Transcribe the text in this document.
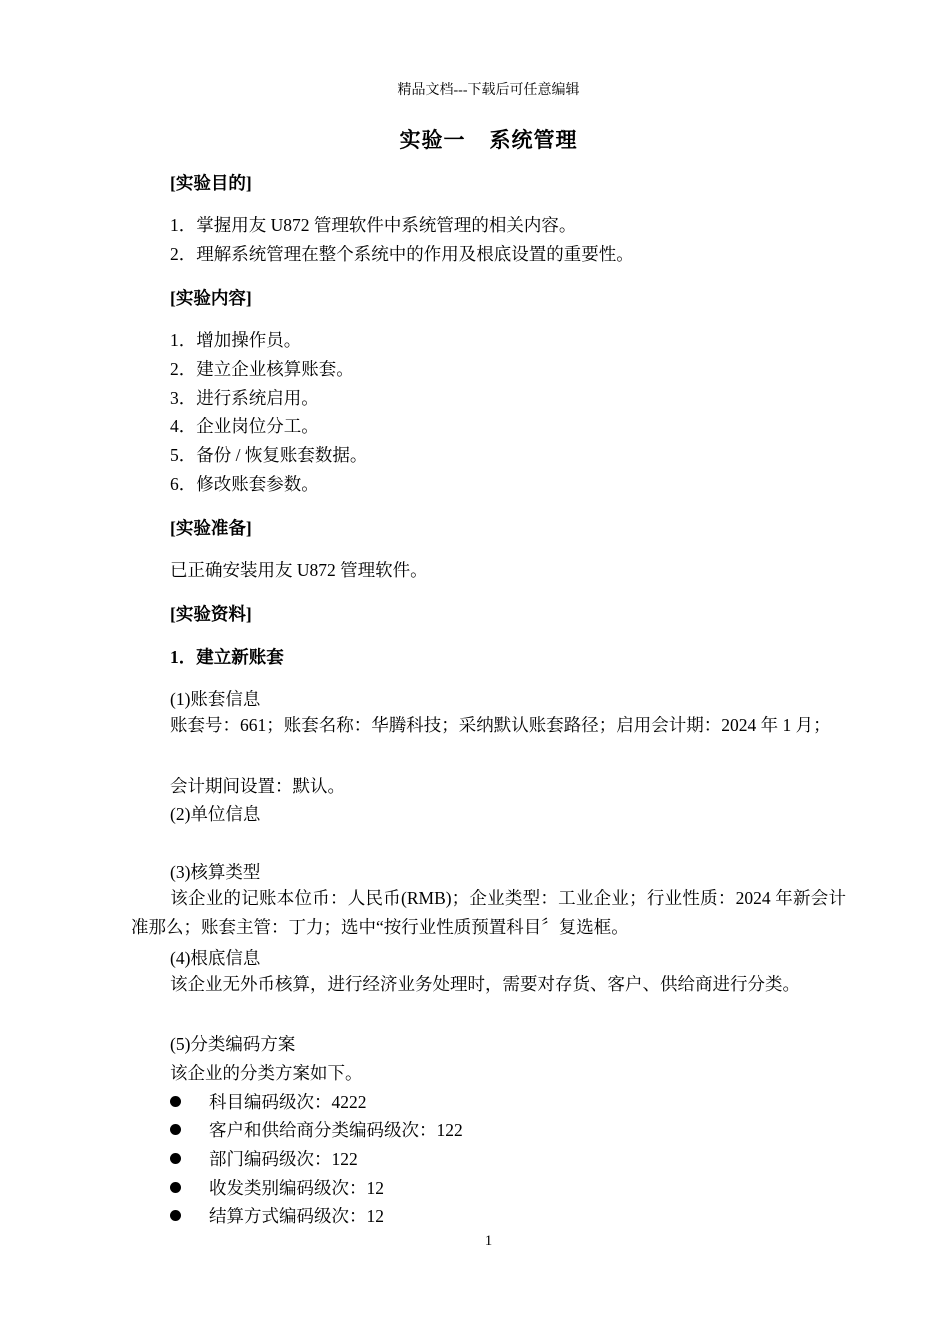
精品文档---下载后可任意编辑
实验一 系统管理
[实验目的]
1．掌握用友 U872 管理软件中系统管理的相关内容。
2．理解系统管理在整个系统中的作用及根底设置的重要性。
[实验内容]
1．增加操作员。
2．建立企业核算账套。
3．进行系统启用。
4．企业岗位分工。
5．备份 / 恢复账套数据。
6．修改账套参数。
[实验准备]
已正确安装用友 U872 管理软件。
[实验资料]
1．建立新账套
(1)账套信息
账套号：661；账套名称：华腾科技；采纳默认账套路径；启用会计期：2024 年 1 月；
会计期间设置：默认。
(2)单位信息
(3)核算类型
该企业的记账本位币：人民币(RMB)；企业类型：工业企业；行业性质：2024 年新会计准那么；账套主管：丁力；选中“按行业性质预置科目〞复选框。
(4)根底信息
该企业无外币核算，进行经济业务处理时，需要对存货、客户、供给商进行分类。
(5)分类编码方案
该企业的分类方案如下。
科目编码级次：4222
客户和供给商分类编码级次：122
部门编码级次：122
收发类别编码级次：12
结算方式编码级次：12
1
